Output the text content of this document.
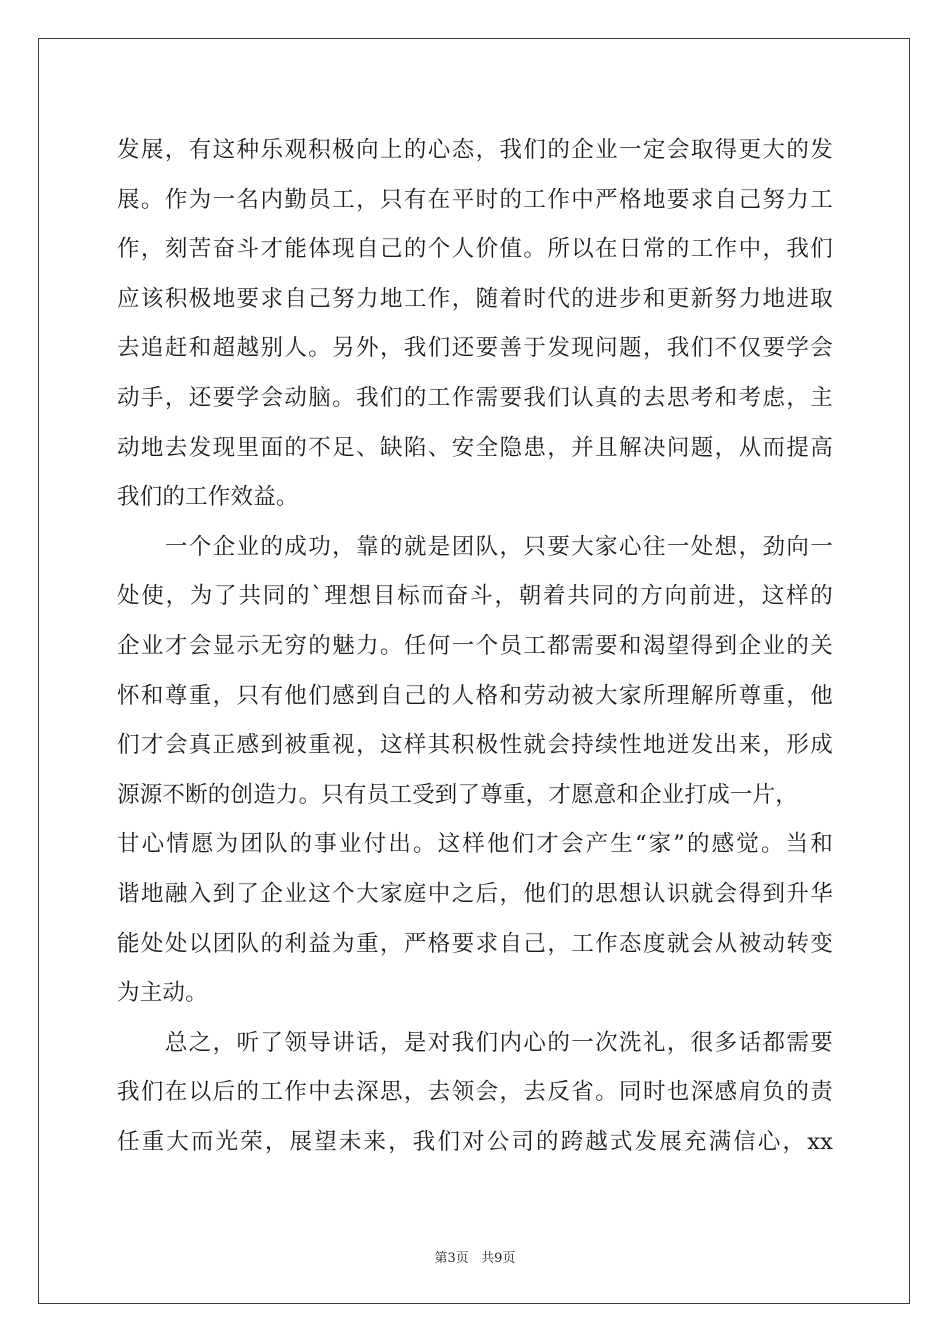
发展，有这种乐观积极向上的心态，我们的企业一定会取得更大的发
展。作为一名内勤员工，只有在平时的工作中严格地要求自己努力工
作，刻苦奋斗才能体现自己的个人价值。所以在日常的工作中，我们
应该积极地要求自己努力地工作，随着时代的进步和更新努力地进取
去追赶和超越别人。另外，我们还要善于发现问题，我们不仅要学会
动手，还要学会动脑。我们的工作需要我们认真的去思考和考虑，主
动地去发现里面的不足、缺陷、安全隐患，并且解决问题，从而提高
我们的工作效益。
　　一个企业的成功，靠的就是团队，只要大家心往一处想，劲向一
处使，为了共同的`理想目标而奋斗，朝着共同的方向前进，这样的
企业才会显示无穷的魅力。任何一个员工都需要和渴望得到企业的关
怀和尊重，只有他们感到自己的人格和劳动被大家所理解所尊重，他
们才会真正感到被重视，这样其积极性就会持续性地迸发出来，形成
源源不断的创造力。只有员工受到了尊重，才愿意和企业打成一片，
甘心情愿为团队的事业付出。这样他们才会产生“家”的感觉。当和
谐地融入到了企业这个大家庭中之后，他们的思想认识就会得到升华
能处处以团队的利益为重，严格要求自己，工作态度就会从被动转变
为主动。
　　总之，听了领导讲话，是对我们内心的一次洗礼，很多话都需要
我们在以后的工作中去深思，去领会，去反省。同时也深感肩负的责
任重大而光荣，展望未来，我们对公司的跨越式发展充满信心，xx
第3页   共9页
